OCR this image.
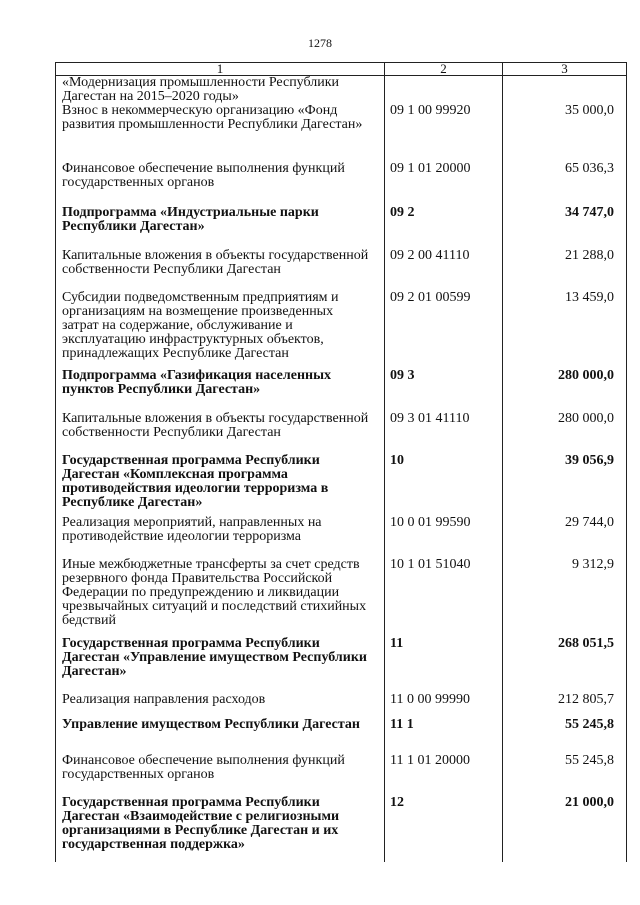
1278
1	2	3
«Модернизация промышленности Республики Дагестан на 2015–2020 годы»		
Взнос в некоммерческую организацию «Фонд развития промышленности Республики Дагестан»	09 1 00 99920	35 000,0
Финансовое обеспечение выполнения функций государственных органов	09 1 01 20000	65 036,3
Подпрограмма «Индустриальные парки Республики Дагестан»	09 2	34 747,0
Капитальные вложения в объекты государственной собственности Республики Дагестан	09 2 00 41110	21 288,0
Субсидии подведомственным предприятиям и организациям на возмещение произведенных затрат на содержание, обслуживание и эксплуатацию инфраструктурных объектов, принадлежащих Республике Дагестан	09 2 01 00599	13 459,0
Подпрограмма «Газификация населенных пунктов Республики Дагестан»	09 3	280 000,0
Капитальные вложения в объекты государственной собственности Республики Дагестан	09 3 01 41110	280 000,0
Государственная программа Республики Дагестан «Комплексная программа противодействия идеологии терроризма в Республике Дагестан»	10	39 056,9
Реализация мероприятий, направленных на противодействие идеологии терроризма	10 0 01 99590	29 744,0
Иные межбюджетные трансферты за счет средств резервного фонда Правительства Российской Федерации по предупреждению и ликвидации чрезвычайных ситуаций и последствий стихийных бедствий	10 1 01 51040	9 312,9
Государственная программа Республики Дагестан «Управление имуществом Республики Дагестан»	11	268 051,5
Реализация направления расходов	11 0 00 99990	212 805,7
Управление имуществом Республики Дагестан	11 1	55 245,8
Финансовое обеспечение выполнения функций государственных органов	11 1 01 20000	55 245,8
Государственная программа Республики Дагестан «Взаимодействие с религиозными организациями в Республике Дагестан и их государственная поддержка»	12	21 000,0
